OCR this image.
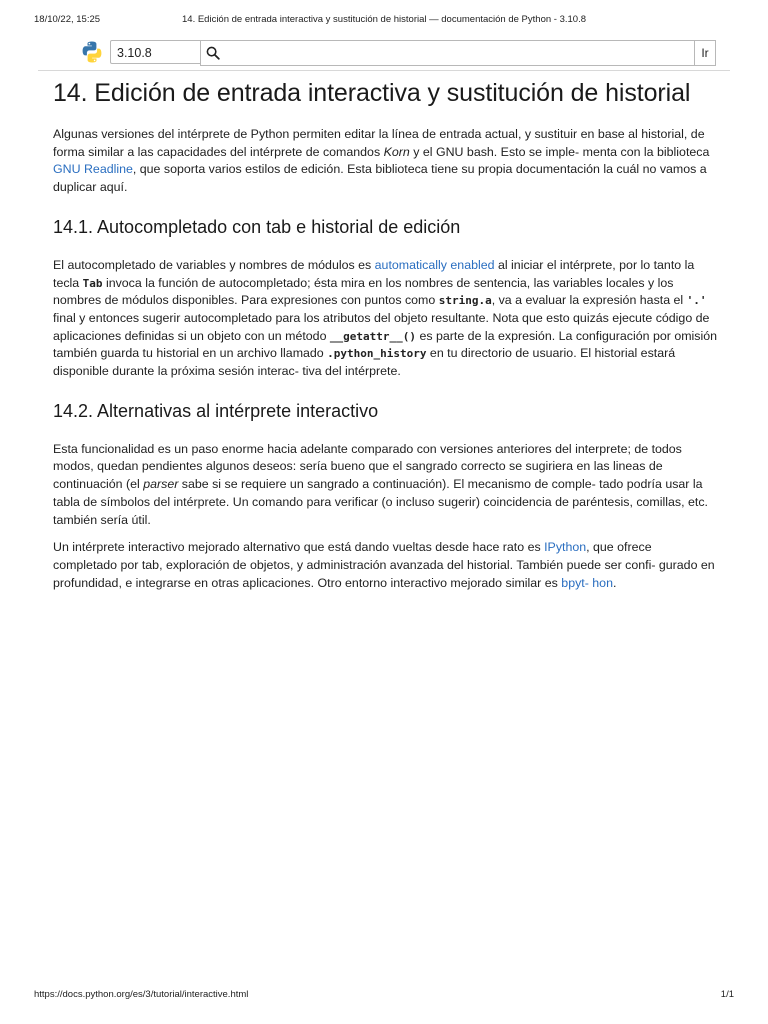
18/10/22, 15:25	14. Edición de entrada interactiva y sustitución de historial — documentación de Python - 3.10.8
3.10.8	Ir
14. Edición de entrada interactiva y sustitución de historial

Algunas versiones del intérprete de Python permiten editar la línea de entrada actual, y sustituir en base al historial, de forma similar a las capacidades del intérprete de comandos Korn y el GNU bash. Esto se imple- menta con la biblioteca GNU Readline, que soporta varios estilos de edición. Esta biblioteca tiene su propia documentación la cuál no vamos a duplicar aquí.

14.1. Autocompletado con tab e historial de edición

El autocompletado de variables y nombres de módulos es automatically enabled al iniciar el intérprete, por lo tanto la tecla Tab invoca la función de autocompletado; ésta mira en los nombres de sentencia, las variables locales y los nombres de módulos disponibles. Para expresiones con puntos como string.a, va a evaluar la expresión hasta el '.' final y entonces sugerir autocompletado para los atributos del objeto resultante. Nota que esto quizás ejecute código de aplicaciones definidas si un objeto con un método __getattr__() es parte de la expresión. La configuración por omisión también guarda tu historial en un archivo llamado .python_history en tu directorio de usuario. El historial estará disponible durante la próxima sesión interac- tiva del intérprete.

14.2. Alternativas al intérprete interactivo

Esta funcionalidad es un paso enorme hacia adelante comparado con versiones anteriores del interprete; de todos modos, quedan pendientes algunos deseos: sería bueno que el sangrado correcto se sugiriera en las lineas de continuación (el parser sabe si se requiere un sangrado a continuación). El mecanismo de comple- tado podría usar la tabla de símbolos del intérprete. Un comando para verificar (o incluso sugerir) coincidencia de paréntesis, comillas, etc. también sería útil.

Un intérprete interactivo mejorado alternativo que está dando vueltas desde hace rato es IPython, que ofrece completado por tab, exploración de objetos, y administración avanzada del historial. También puede ser confi- gurado en profundidad, e integrarse en otras aplicaciones. Otro entorno interactivo mejorado similar es bpyt- hon.

https://docs.python.org/es/3/tutorial/interactive.html	1/1
